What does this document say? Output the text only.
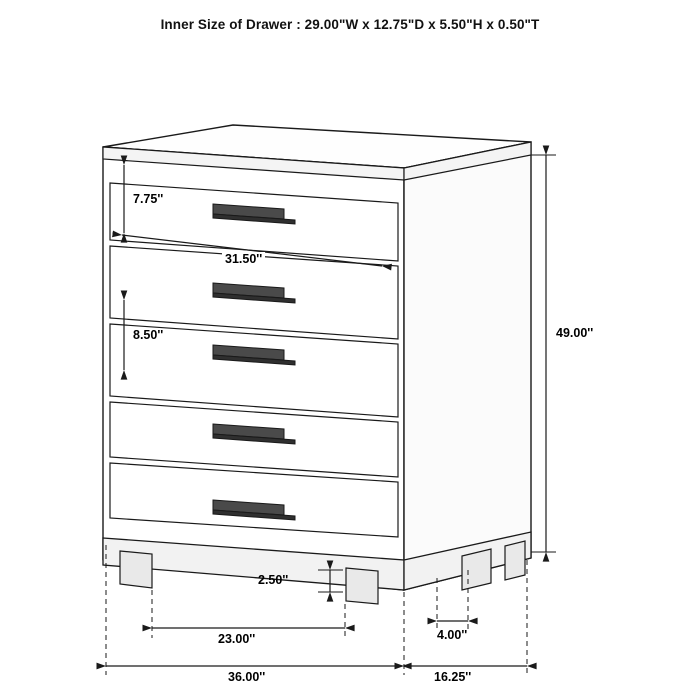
Inner Size of Drawer : 29.00"W x 12.75"D x 5.50"H x 0.50"T
7.75''
31.50''
8.50''	49.00''
2.50''
23.00''	4.00''
36.00''	16.25''
